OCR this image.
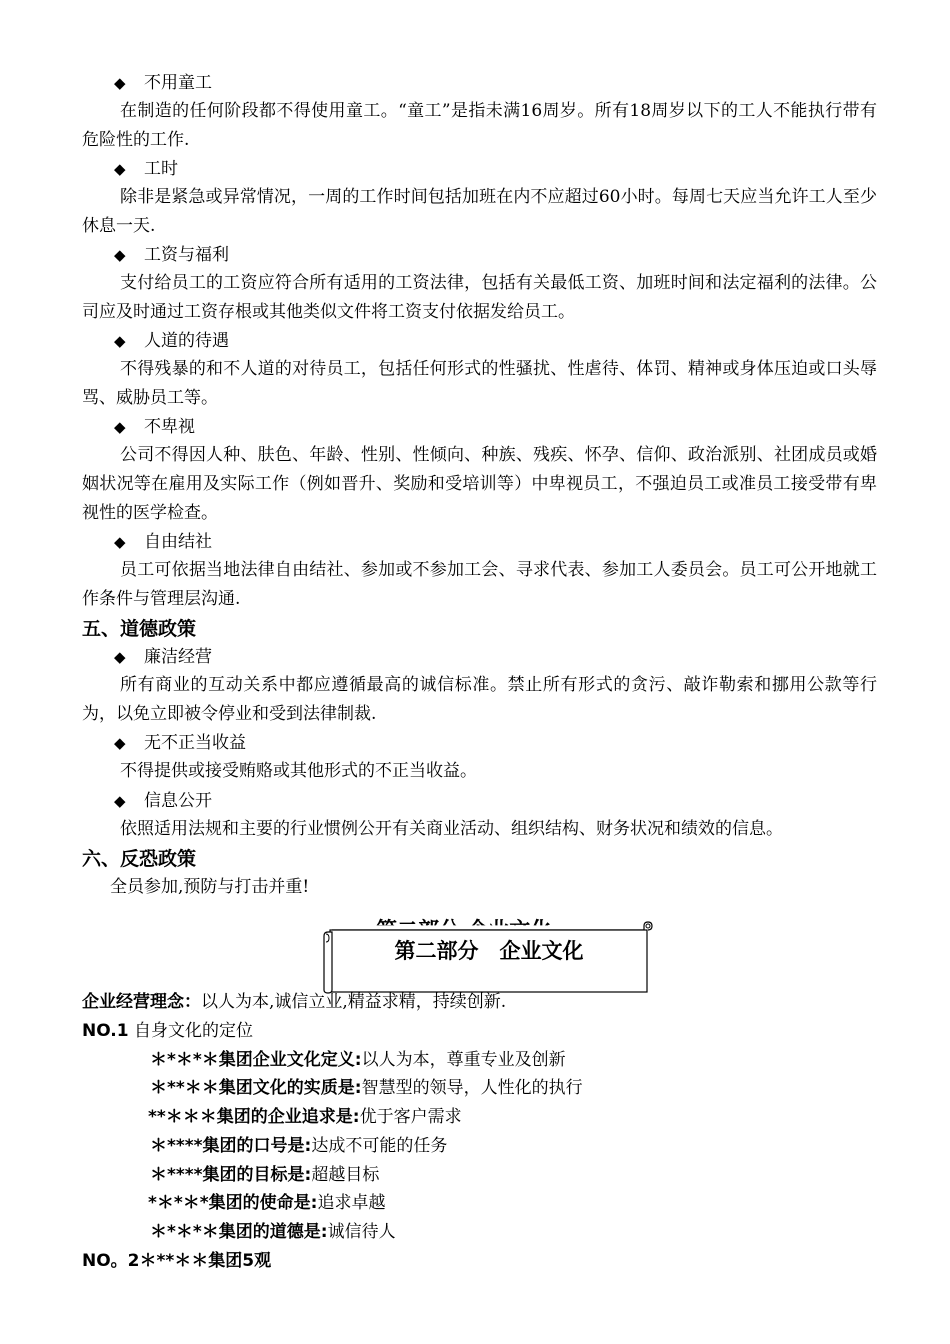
◆ 不用童工
在制造的任何阶段都不得使用童工。“童工”是指未满16周岁。所有18周岁以下的工人不能执行带有危险性的工作.
◆ 工时
除非是紧急或异常情况，一周的工作时间包括加班在内不应超过60小时。每周七天应当允许工人至少休息一天.
◆ 工资与福利
支付给员工的工资应符合所有适用的工资法律，包括有关最低工资、加班时间和法定福利的法律。公司应及时通过工资存根或其他类似文件将工资支付依据发给员工。
◆ 人道的待遇
不得残暴的和不人道的对待员工，包括任何形式的性骚扰、性虐待、体罚、精神或身体压迫或口头辱骂、威胁员工等。
◆ 不卑视
公司不得因人种、肤色、年龄、性别、性倾向、种族、残疾、怀孕、信仰、政治派别、社团成员或婚姻状况等在雇用及实际工作（例如晋升、奖励和受培训等）中卑视员工，不强迫员工或准员工接受带有卑视性的医学检查。
◆ 自由结社
员工可依据当地法律自由结社、参加或不参加工会、寻求代表、参加工人委员会。员工可公开地就工作条件与管理层沟通.
五、道德政策
◆ 廉洁经营
所有商业的互动关系中都应遵循最高的诚信标准。禁止所有形式的贪污、敲诈勒索和挪用公款等行为，以免立即被令停业和受到法律制裁.
◆ 无不正当收益
不得提供或接受贿赂或其他形式的不正当收益。
◆ 信息公开
依照适用法规和主要的行业惯例公开有关商业活动、组织结构、财务状况和绩效的信息。
六、反恐政策
全员参加,预防与打击并重!
第二部分　企业文化
企业经营理念：以人为本,诚信立业,精益求精，持续创新.
NO.1 自身文化的定位
＊*＊*＊集团企业文化定义:以人为本，尊重专业及创新
＊**＊＊集团文化的实质是:智慧型的领导，人性化的执行
**＊＊＊集团的企业追求是:优于客户需求
＊****集团的口号是:达成不可能的任务
＊****集团的目标是:超越目标
*＊*＊*集团的使命是:追求卓越
＊*＊*＊集团的道德是:诚信待人
NO。2＊**＊＊集团5观
